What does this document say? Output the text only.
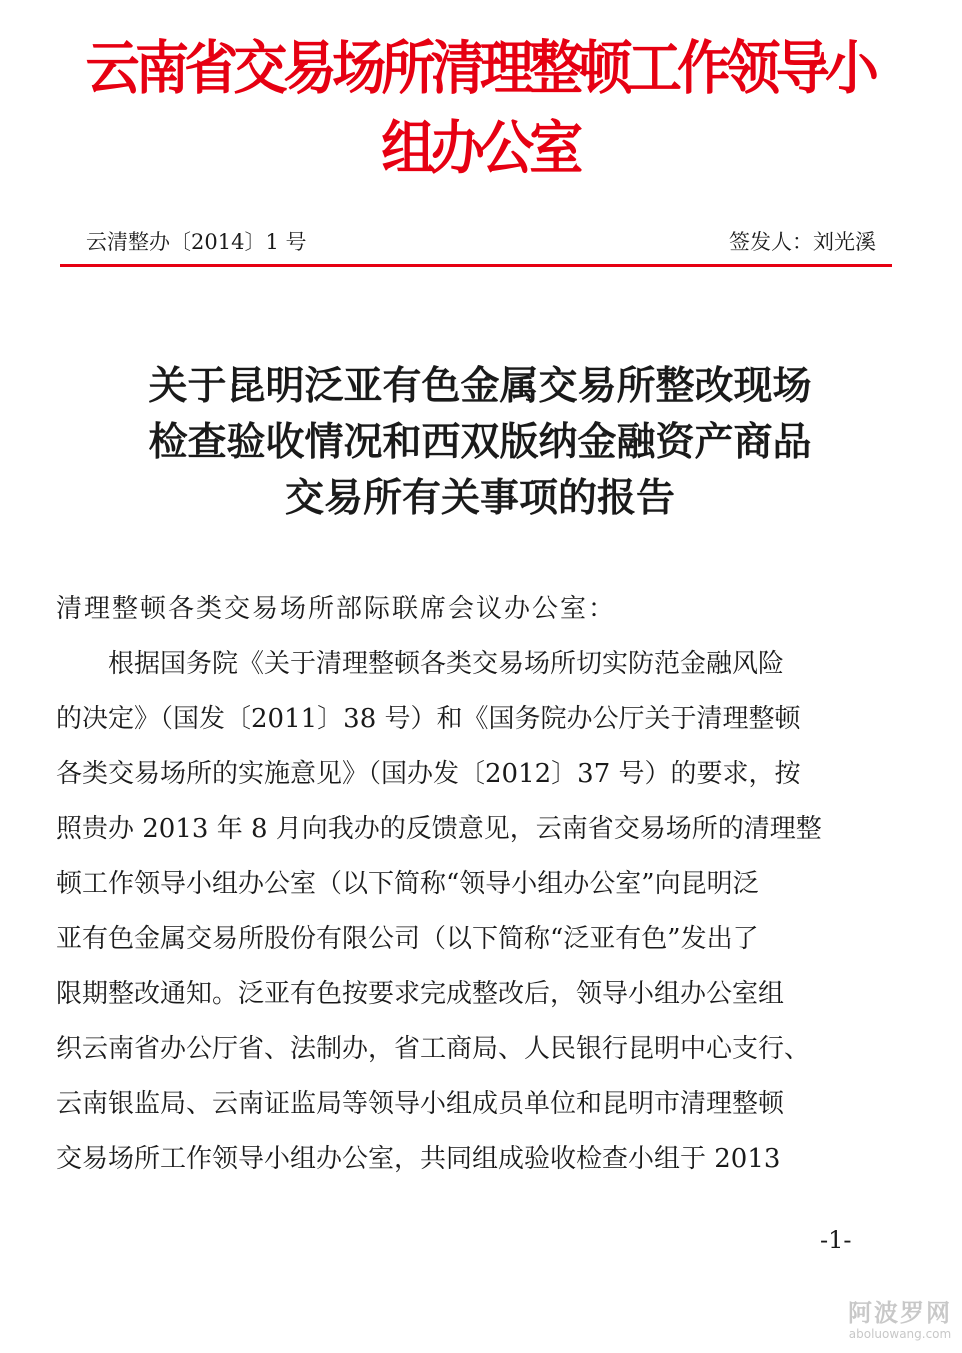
云南省交易场所清理整顿工作领导小组办公室
云清整办〔2014〕1 号	签发人：刘光溪
关于昆明泛亚有色金属交易所整改现场
检查验收情况和西双版纳金融资产商品
交易所有关事项的报告
清理整顿各类交易场所部际联席会议办公室：
　　根据国务院《关于清理整顿各类交易场所切实防范金融风险
的决定》（国发〔2011〕38 号）和《国务院办公厅关于清理整顿
各类交易场所的实施意见》（国办发〔2012〕37 号）的要求，按
照贵办 2013 年 8 月向我办的反馈意见，云南省交易场所的清理整
顿工作领导小组办公室（以下简称“领导小组办公室”向昆明泛
亚有色金属交易所股份有限公司（以下简称“泛亚有色”发出了
限期整改通知。泛亚有色按要求完成整改后，领导小组办公室组
织云南省办公厅省、法制办，省工商局、人民银行昆明中心支行、
云南银监局、云南证监局等领导小组成员单位和昆明市清理整顿
交易场所工作领导小组办公室，共同组成验收检查小组于 2013
-1-
阿波罗网
aboluowang.com
